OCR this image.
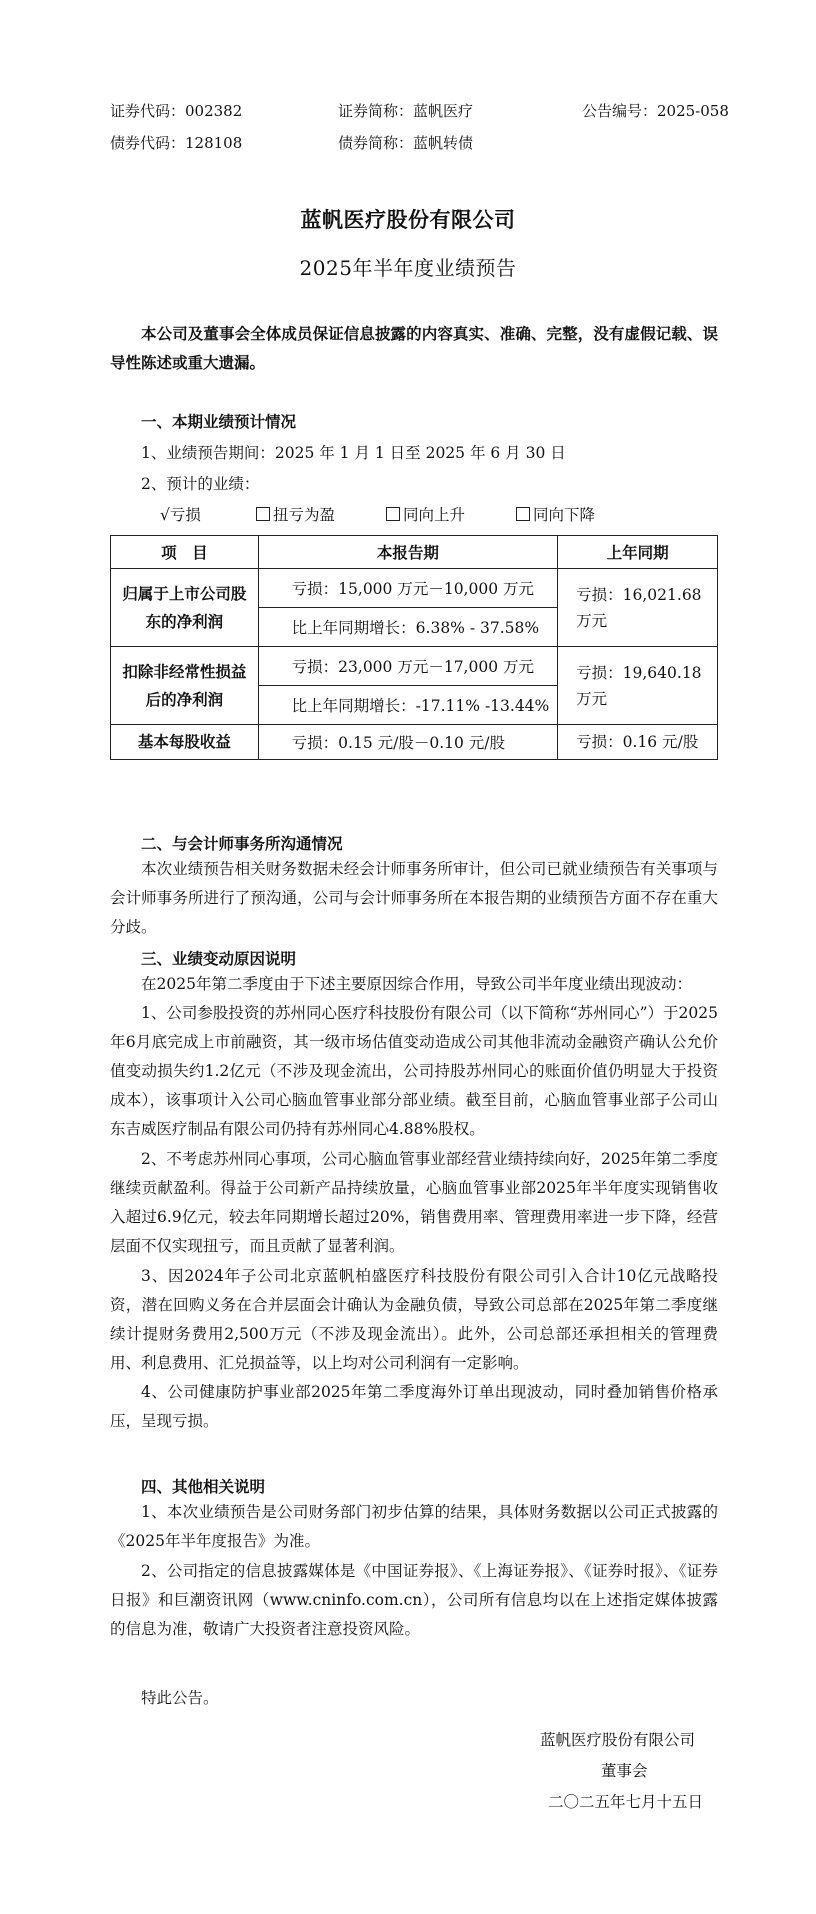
证券代码：002382	证券简称：蓝帆医疗	公告编号：2025-058
债券代码：128108	债券简称：蓝帆转债
蓝帆医疗股份有限公司
2025年半年度业绩预告

本公司及董事会全体成员保证信息披露的内容真实、准确、完整，没有虚假记载、误导性陈述或重大遗漏。

一、本期业绩预计情况
1、业绩预告期间：2025 年 1 月 1 日至 2025 年 6 月 30 日
2、预计的业绩：
√亏损	扭亏为盈	同向上升	同向下降
项　目	本报告期	上年同期
归属于上市公司股东的净利润	亏损：15,000 万元－10,000 万元	亏损：16,021.68 万元
	比上年同期增长：6.38% - 37.58%	
扣除非经常性损益后的净利润	亏损：23,000 万元－17,000 万元	亏损：19,640.18 万元
	比上年同期增长：-17.11% -13.44%	
基本每股收益	亏损：0.15 元/股－0.10 元/股	亏损：0.16 元/股
二、与会计师事务所沟通情况

本次业绩预告相关财务数据未经会计师事务所审计，但公司已就业绩预告有关事项与会计师事务所进行了预沟通，公司与会计师事务所在本报告期的业绩预告方面不存在重大分歧。

三、业绩变动原因说明

在2025年第二季度由于下述主要原因综合作用，导致公司半年度业绩出现波动：

1、公司参股投资的苏州同心医疗科技股份有限公司（以下简称“苏州同心”）于2025年6月底完成上市前融资，其一级市场估值变动造成公司其他非流动金融资产确认公允价值变动损失约1.2亿元（不涉及现金流出，公司持股苏州同心的账面价值仍明显大于投资成本），该事项计入公司心脑血管事业部分部业绩。截至目前，心脑血管事业部子公司山东吉威医疗制品有限公司仍持有苏州同心4.88%股权。

2、不考虑苏州同心事项，公司心脑血管事业部经营业绩持续向好，2025年第二季度继续贡献盈利。得益于公司新产品持续放量，心脑血管事业部2025年半年度实现销售收入超过6.9亿元，较去年同期增长超过20%，销售费用率、管理费用率进一步下降，经营层面不仅实现扭亏，而且贡献了显著利润。

3、因2024年子公司北京蓝帆柏盛医疗科技股份有限公司引入合计10亿元战略投资，潜在回购义务在合并层面会计确认为金融负债，导致公司总部在2025年第二季度继续计提财务费用2,500万元（不涉及现金流出）。此外，公司总部还承担相关的管理费用、利息费用、汇兑损益等，以上均对公司利润有一定影响。

4、公司健康防护事业部2025年第二季度海外订单出现波动，同时叠加销售价格承压，呈现亏损。

四、其他相关说明

1、本次业绩预告是公司财务部门初步估算的结果，具体财务数据以公司正式披露的《2025年半年度报告》为准。

2、公司指定的信息披露媒体是《中国证券报》、《上海证券报》、《证券时报》、《证券日报》和巨潮资讯网（www.cninfo.com.cn），公司所有信息均以在上述指定媒体披露的信息为准，敬请广大投资者注意投资风险。

特此公告。
蓝帆医疗股份有限公司
董事会
二〇二五年七月十五日
